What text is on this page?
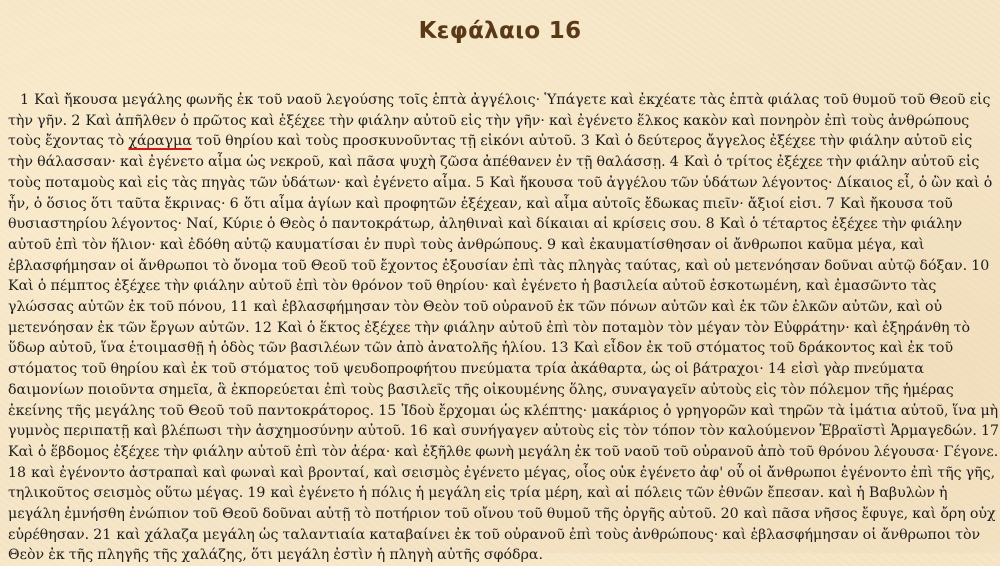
Κεφάλαιο 16

1 Καὶ ἤκουσα μεγάλης φωνῆς ἐκ τοῦ ναοῦ λεγούσης τοῖς ἑπτὰ ἀγγέλοις· Ὑπάγετε καὶ ἐκχέατε τὰς ἑπτὰ φιάλας τοῦ θυμοῦ τοῦ Θεοῦ εἰς τὴν γῆν. 2 Καὶ ἀπῆλθεν ὁ πρῶτος καὶ ἐξέχεε τὴν φιάλην αὐτοῦ εἰς τὴν γῆν· καὶ ἐγένετο ἕλκος κακὸν καὶ πονηρὸν ἐπὶ τοὺς ἀνθρώπους τοὺς ἔχοντας τὸ χάραγμα τοῦ θηρίου καὶ τοὺς προσκυνοῦντας τῇ εἰκόνι αὐτοῦ. 3 Καὶ ὁ δεύτερος ἄγγελος ἐξέχεε τὴν φιάλην αὐτοῦ εἰς τὴν θάλασσαν· καὶ ἐγένετο αἷμα ὡς νεκροῦ, καὶ πᾶσα ψυχὴ ζῶσα ἀπέθανεν ἐν τῇ θαλάσσῃ. 4 Καὶ ὁ τρίτος ἐξέχεε τὴν φιάλην αὐτοῦ εἰς τοὺς ποταμοὺς καὶ εἰς τὰς πηγὰς τῶν ὑδάτων· καὶ ἐγένετο αἷμα. 5 Καὶ ἤκουσα τοῦ ἀγγέλου τῶν ὑδάτων λέγοντος· Δίκαιος εἶ, ὁ ὢν καὶ ὁ ἦν, ὁ ὅσιος ὅτι ταῦτα ἔκρινας· 6 ὅτι αἷμα ἁγίων καὶ προφητῶν ἐξέχεαν, καὶ αἷμα αὐτοῖς ἔδωκας πιεῖν· ἄξιοί εἰσι. 7 Καὶ ἤκουσα τοῦ θυσιαστηρίου λέγοντος· Ναί, Κύριε ὁ Θεὸς ὁ παντοκράτωρ, ἀληθιναὶ καὶ δίκαιαι αἱ κρίσεις σου. 8 Καὶ ὁ τέταρτος ἐξέχεε τὴν φιάλην αὐτοῦ ἐπὶ τὸν ἥλιον· καὶ ἐδόθη αὐτῷ καυματίσαι ἐν πυρὶ τοὺς ἀνθρώπους. 9 καὶ ἐκαυματίσθησαν οἱ ἄνθρωποι καῦμα μέγα, καὶ ἐβλασφήμησαν οἱ ἄνθρωποι τὸ ὄνομα τοῦ Θεοῦ τοῦ ἔχοντος ἐξουσίαν ἐπὶ τὰς πληγὰς ταύτας, καὶ οὐ μετενόησαν δοῦναι αὐτῷ δόξαν. 10 Καὶ ὁ πέμπτος ἐξέχεε τὴν φιάλην αὐτοῦ ἐπὶ τὸν θρόνον τοῦ θηρίου· καὶ ἐγένετο ἡ βασιλεία αὐτοῦ ἐσκοτωμένη, καὶ ἐμασῶντο τὰς γλώσσας αὐτῶν ἐκ τοῦ πόνου, 11 καὶ ἐβλασφήμησαν τὸν Θεὸν τοῦ οὐρανοῦ ἐκ τῶν πόνων αὐτῶν καὶ ἐκ τῶν ἑλκῶν αὐτῶν, καὶ οὐ μετενόησαν ἐκ τῶν ἔργων αὐτῶν. 12 Καὶ ὁ ἕκτος ἐξέχεε τὴν φιάλην αὐτοῦ ἐπὶ τὸν ποταμὸν τὸν μέγαν τὸν Εὐφράτην· καὶ ἐξηράνθη τὸ ὕδωρ αὐτοῦ, ἵνα ἑτοιμασθῇ ἡ ὁδὸς τῶν βασιλέων τῶν ἀπὸ ἀνατολῆς ἡλίου. 13 Καὶ εἶδον ἐκ τοῦ στόματος τοῦ δράκοντος καὶ ἐκ τοῦ στόματος τοῦ θηρίου καὶ ἐκ τοῦ στόματος τοῦ ψευδοπροφήτου πνεύματα τρία ἀκάθαρτα, ὡς οἱ βάτραχοι· 14 εἰσὶ γὰρ πνεύματα δαιμονίων ποιοῦντα σημεῖα, ἃ ἐκπορεύεται ἐπὶ τοὺς βασιλεῖς τῆς οἰκουμένης ὅλης, συναγαγεῖν αὐτοὺς εἰς τὸν πόλεμον τῆς ἡμέρας ἐκείνης τῆς μεγάλης τοῦ Θεοῦ τοῦ παντοκράτορος. 15 Ἰδοὺ ἔρχομαι ὡς κλέπτης· μακάριος ὁ γρηγορῶν καὶ τηρῶν τὰ ἱμάτια αὐτοῦ, ἵνα μὴ γυμνὸς περιπατῇ καὶ βλέπωσι τὴν ἀσχημοσύνην αὐτοῦ. 16 καὶ συνήγαγεν αὐτοὺς εἰς τὸν τόπον τὸν καλούμενον Ἑβραϊστὶ Ἁρμαγεδών. 17 Καὶ ὁ ἕβδομος ἐξέχεε τὴν φιάλην αὐτοῦ ἐπὶ τὸν ἀέρα· καὶ ἐξῆλθε φωνὴ μεγάλη ἐκ τοῦ ναοῦ τοῦ οὐρανοῦ ἀπὸ τοῦ θρόνου λέγουσα· Γέγονε. 18 καὶ ἐγένοντο ἀστραπαὶ καὶ φωναὶ καὶ βρονταί, καὶ σεισμὸς ἐγένετο μέγας, οἷος οὐκ ἐγένετο ἀφ' οὗ οἱ ἄνθρωποι ἐγένοντο ἐπὶ τῆς γῆς, τηλικοῦτος σεισμὸς οὕτω μέγας. 19 καὶ ἐγένετο ἡ πόλις ἡ μεγάλη εἰς τρία μέρη, καὶ αἱ πόλεις τῶν ἐθνῶν ἔπεσαν. καὶ ἡ Βαβυλὼν ἡ μεγάλη ἐμνήσθη ἐνώπιον τοῦ Θεοῦ δοῦναι αὐτῇ τὸ ποτήριον τοῦ οἴνου τοῦ θυμοῦ τῆς ὀργῆς αὐτοῦ. 20 καὶ πᾶσα νῆσος ἔφυγε, καὶ ὄρη οὐχ εὑρέθησαν. 21 καὶ χάλαζα μεγάλη ὡς ταλαντιαία καταβαίνει ἐκ τοῦ οὐρανοῦ ἐπὶ τοὺς ἀνθρώπους· καὶ ἐβλασφήμησαν οἱ ἄνθρωποι τὸν Θεὸν ἐκ τῆς πληγῆς τῆς χαλάζης, ὅτι μεγάλη ἐστὶν ἡ πληγὴ αὐτῆς σφόδρα.
